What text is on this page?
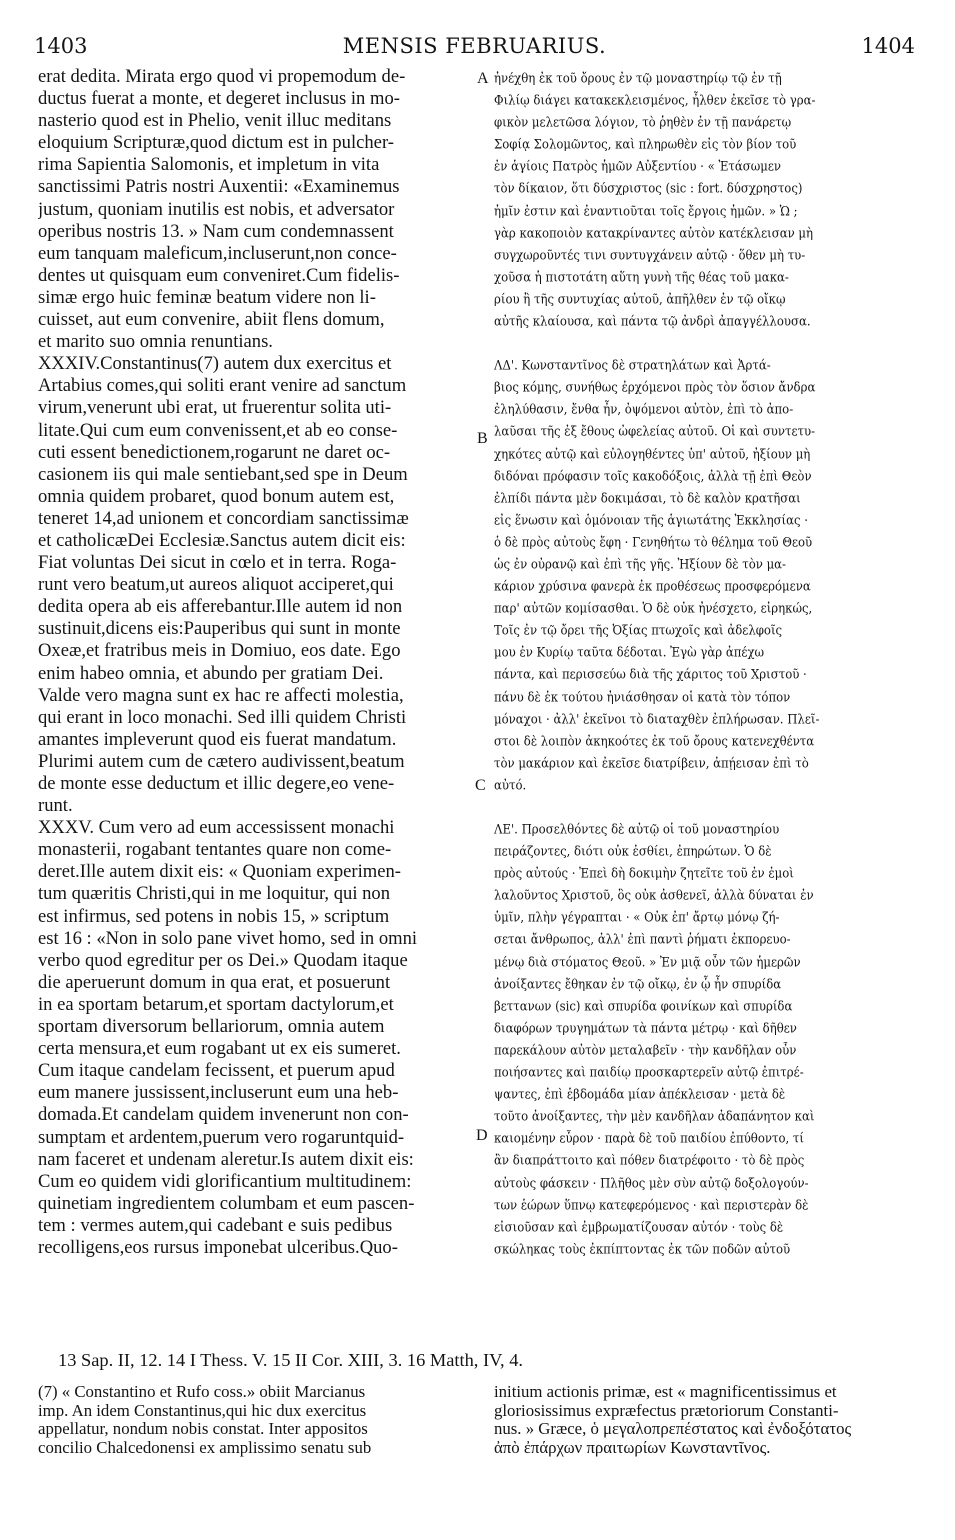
1403	MENSIS FEBRUARIUS.	1404
erat dedita. Mirata ergo quod vi propemodum de-
ductus fuerat a monte, et degeret inclusus in mo-
nasterio quod est in Phelio, venit illuc meditans
eloquium Scripturæ,quod dictum est in pulcher-
rima Sapientia Salomonis, et impletum in vita
sanctissimi Patris nostri Auxentii: «Examinemus
justum, quoniam inutilis est nobis, et adversator
operibus nostris 13. » Nam cum condemnassent
eum tanquam maleficum,incluserunt,non conce-
dentes ut quisquam eum conveniret.Cum fidelis-
simæ ergo huic feminæ beatum videre non li-
cuisset, aut eum convenire, abiit flens domum,
et marito suo omnia renuntians.
XXXIV.Constantinus(7) autem dux exercitus et
Artabius comes,qui soliti erant venire ad sanctum
virum,venerunt ubi erat, ut fruerentur solita uti-
litate.Qui cum eum convenissent,et ab eo conse-
cuti essent benedictionem,rogarunt ne daret oc-
casionem iis qui male sentiebant,sed spe in Deum
omnia quidem probaret, quod bonum autem est,
teneret 14,ad unionem et concordiam sanctissimæ
et catholicæDei Ecclesiæ.Sanctus autem dicit eis:
Fiat voluntas Dei sicut in cœlo et in terra. Roga-
runt vero beatum,ut aureos aliquot acciperet,qui
dedita opera ab eis afferebantur.Ille autem id non
sustinuit,dicens eis:Pauperibus qui sunt in monte
Oxeæ,et fratribus meis in Domiuo, eos date. Ego
enim habeo omnia, et abundo per gratiam Dei.
Valde vero magna sunt ex hac re affecti molestia,
qui erant in loco monachi. Sed illi quidem Christi
amantes impleverunt quod eis fuerat mandatum.
Plurimi autem cum de cætero audivissent,beatum
de monte esse deductum et illic degere,eo vene-
runt.
XXXV. Cum vero ad eum accessissent monachi
monasterii, rogabant tentantes quare non come-
deret.Ille autem dixit eis: « Quoniam experimen-
tum quæritis Christi,qui in me loquitur, qui non
est infirmus, sed potens in nobis 15, » scriptum
est 16 : «Non in solo pane vivet homo, sed in omni
verbo quod egreditur per os Dei.» Quodam itaque
die aperuerunt domum in qua erat, et posuerunt
in ea sportam betarum,et sportam dactylorum,et
sportam diversorum bellariorum, omnia autem
certa mensura,et eum rogabant ut ex eis sumeret.
Cum itaque candelam fecissent, et puerum apud
eum manere jussissent,incluserunt eum una heb-
domada.Et candelam quidem invenerunt non con-
sumptam et ardentem,puerum vero rogaruntquid-
nam faceret et undenam aleretur.Is autem dixit eis:
Cum eo quidem vidi glorificantium multitudinem:
quinetiam ingredientem columbam et eum pascen-
tem : vermes autem,qui cadebant e suis pedibus
recolligens,eos rursus imponebat ulceribus.Quo-
ἠνέχθη ἐκ τοῦ ὄρους ἐν τῷ μοναστηρίῳ τῷ ἐν τῇ
Φιλίῳ διάγει κατακεκλεισμένος, ἦλθεν ἐκεῖσε τὸ γρα-
φικὸν μελετῶσα λόγιον, τὸ ῥηθὲν ἐν τῇ πανάρετῳ
Σοφίᾳ Σολομῶντος, καὶ πληρωθὲν εἰς τὸν βίον τοῦ
ἐν ἁγίοις Πατρὸς ἡμῶν Αὐξεντίου · « Ἐτάσωμεν
τὸν δίκαιον, ὅτι δύσχριστος (sic : fort. δύσχρηστος)
ἡμῖν ἐστιν καὶ ἐναντιοῦται τοῖς ἔργοις ἡμῶν. » Ὡ ;
γὰρ κακοποιὸν κατακρίναντες αὐτὸν κατέκλεισαν μὴ
συγχωροῦντές τινι συντυγχάνειν αὐτῷ · ὅθεν μὴ τυ-
χοῦσα ἡ πιστοτάτη αὕτη γυνὴ τῆς θέας τοῦ μακα-
ρίου ἢ τῆς συντυχίας αὐτοῦ, ἀπῆλθεν ἐν τῷ οἴκῳ
αὐτῆς κλαίουσα, καὶ πάντα τῷ ἀνδρὶ ἀπαγγέλλουσα.
ΛΔ'. Κωνσταντῖνος δὲ στρατηλάτων καὶ Ἀρτά-
βιος κόμης, συνήθως ἐρχόμενοι πρὸς τὸν ὅσιον ἄνδρα
ἐληλύθασιν, ἔνθα ἦν, ὀψόμενοι αὐτὸν, ἐπὶ τὸ ἀπο-
λαῦσαι τῆς ἐξ ἔθους ὠφελείας αὐτοῦ. Οἱ καὶ συντετυ-
χηκότες αὐτῷ καὶ εὐλογηθέντες ὑπ' αὐτοῦ, ἠξίουν μὴ
διδόναι πρόφασιν τοῖς κακοδόξοις, ἀλλὰ τῇ ἐπὶ Θεὸν
ἐλπίδι πάντα μὲν δοκιμάσαι, τὸ δὲ καλὸν κρατῆσαι
εἰς ἕνωσιν καὶ ὁμόνοιαν τῆς ἁγιωτάτης Ἐκκλησίας ·
ὁ δὲ πρὸς αὐτοὺς ἔφη · Γενηθήτω τὸ θέλημα τοῦ Θεοῦ
ὡς ἐν οὐρανῷ καὶ ἐπὶ τῆς γῆς. Ἠξίουν δὲ τὸν μα-
κάριον χρύσινα φανερὰ ἐκ προθέσεως προσφερόμενα
παρ' αὐτῶν κομίσασθαι. Ὁ δὲ οὐκ ἠνέσχετο, εἰρηκώς,
Τοῖς ἐν τῷ ὄρει τῆς Ὀξίας πτωχοῖς καὶ ἀδελφοῖς
μου ἐν Κυρίῳ ταῦτα δέδοται. Ἐγὼ γὰρ ἀπέχω
πάντα, καὶ περισσεύω διὰ τῆς χάριτος τοῦ Χριστοῦ ·
πάνυ δὲ ἐκ τούτου ἠνιάσθησαν οἱ κατὰ τὸν τόπον
μόναχοι · ἀλλ' ἐκεῖνοι τὸ διαταχθὲν ἐπλήρωσαν. Πλεῖ-
στοι δὲ λοιπὸν ἀκηκοότες ἐκ τοῦ ὄρους κατενεχθέντα
τὸν μακάριον καὶ ἐκεῖσε διατρίβειν, ἀπῄεισαν ἐπὶ τὸ
αὐτό.
ΛΕ'. Προσελθόντες δὲ αὐτῷ οἱ τοῦ μοναστηρίου
πειράζοντες, διότι οὐκ ἐσθίει, ἐπηρώτων. Ὁ δὲ
πρὸς αὐτούς · Ἐπεὶ δὴ δοκιμὴν ζητεῖτε τοῦ ἐν ἐμοὶ
λαλοῦντος Χριστοῦ, ὃς οὐκ ἀσθενεῖ, ἀλλὰ δύναται ἐν
ὑμῖν, πλὴν γέγραπται · « Οὐκ ἐπ' ἄρτῳ μόνῳ ζή-
σεται ἄνθρωπος, ἀλλ' ἐπὶ παντὶ ῥήματι ἐκπορευο-
μένῳ διὰ στόματος Θεοῦ. » Ἐν μιᾷ οὖν τῶν ἡμερῶν
ἀνοίξαντες ἔθηκαν ἐν τῷ οἴκῳ, ἐν ᾧ ἦν σπυρίδα
βεττανων (sic) καὶ σπυρίδα φοινίκων καὶ σπυρίδα
διαφόρων τρυγημάτων τὰ πάντα μέτρῳ · καὶ δῆθεν
παρεκάλουν αὐτὸν μεταλαβεῖν · τὴν κανδῆλαν οὖν
ποιήσαντες καὶ παιδίῳ προσκαρτερεῖν αὐτῷ ἐπιτρέ-
ψαντες, ἐπὶ ἑβδομάδα μίαν ἀπέκλεισαν · μετὰ δὲ
τοῦτο ἀνοίξαντες, τὴν μὲν κανδῆλαν ἀδαπάνητον καὶ
καιομένην εὗρον · παρὰ δὲ τοῦ παιδίου ἐπύθοντο, τί
ἂν διαπράττοιτο καὶ πόθεν διατρέφοιτο · τὸ δὲ πρὸς
αὐτοὺς φάσκειν · Πλῆθος μὲν σὺν αὐτῷ δοξολογούν-
των ἑώρων ὕπνῳ κατεφερόμενος · καὶ περιστερὰν δὲ
εἰσιοῦσαν καὶ ἐμβρωματίζουσαν αὐτόν · τοὺς δὲ
σκώληκας τοὺς ἐκπίπτοντας ἐκ τῶν ποδῶν αὐτοῦ
A
B
C
D
13 Sap. II, 12. 14 I Thess. V. 15 II Cor. XIII, 3. 16 Matth, IV, 4.
(7) « Constantino et Rufo coss.» obiit Marcianus
imp. An idem Constantinus,qui hic dux exercitus
appellatur, nondum nobis constat. Inter appositos
concilio Chalcedonensi ex amplissimo senatu sub
initium actionis primæ, est « magnificentissimus et
gloriosissimus expræfectus prætoriorum Constanti-
nus. » Græce, ὁ μεγαλοπρεπέστατος καὶ ἐνδοξότατος
ἀπὸ ἐπάρχων πραιτωρίων Κωνσταντῖνος.
